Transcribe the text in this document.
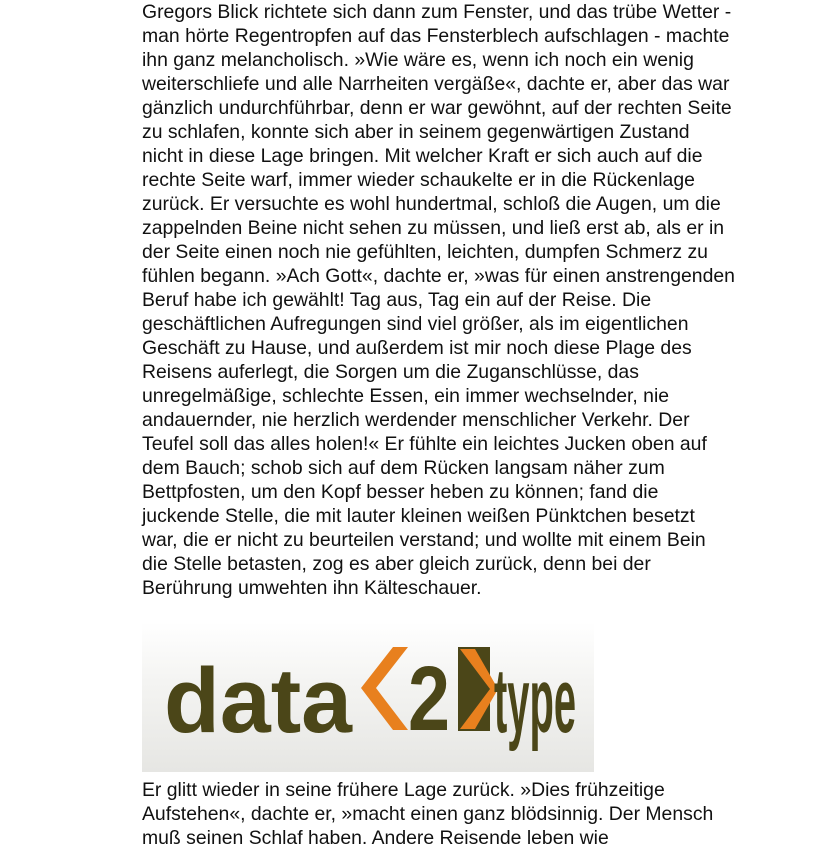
Gregors Blick richtete sich dann zum Fenster, und das trübe Wetter -
man hörte Regentropfen auf das Fensterblech aufschlagen - machte
ihn ganz melancholisch. »Wie wäre es, wenn ich noch ein wenig
weiterschliefe und alle Narrheiten vergäße«, dachte er, aber das war
gänzlich undurchführbar, denn er war gewöhnt, auf der rechten Seite
zu schlafen, konnte sich aber in seinem gegenwärtigen Zustand
nicht in diese Lage bringen. Mit welcher Kraft er sich auch auf die
rechte Seite warf, immer wieder schaukelte er in die Rückenlage
zurück. Er versuchte es wohl hundertmal, schloß die Augen, um die
zappelnden Beine nicht sehen zu müssen, und ließ erst ab, als er in
der Seite einen noch nie gefühlten, leichten, dumpfen Schmerz zu
fühlen begann. »Ach Gott«, dachte er, »was für einen anstrengenden
Beruf habe ich gewählt! Tag aus, Tag ein auf der Reise. Die
geschäftlichen Aufregungen sind viel größer, als im eigentlichen
Geschäft zu Hause, und außerdem ist mir noch diese Plage des
Reisens auferlegt, die Sorgen um die Zuganschlüsse, das
unregelmäßige, schlechte Essen, ein immer wechselnder, nie
andauernder, nie herzlich werdender menschlicher Verkehr. Der
Teufel soll das alles holen!« Er fühlte ein leichtes Jucken oben auf
dem Bauch; schob sich auf dem Rücken langsam näher zum
Bettpfosten, um den Kopf besser heben zu können; fand die
juckende Stelle, die mit lauter kleinen weißen Pünktchen besetzt
war, die er nicht zu beurteilen verstand; und wollte mit einem Bein
die Stelle betasten, zog es aber gleich zurück, denn bei der
Berührung umwehten ihn Kälteschauer.

data 2 type

Er glitt wieder in seine frühere Lage zurück. »Dies frühzeitige
Aufstehen«, dachte er, »macht einen ganz blödsinnig. Der Mensch
muß seinen Schlaf haben. Andere Reisende leben wie
